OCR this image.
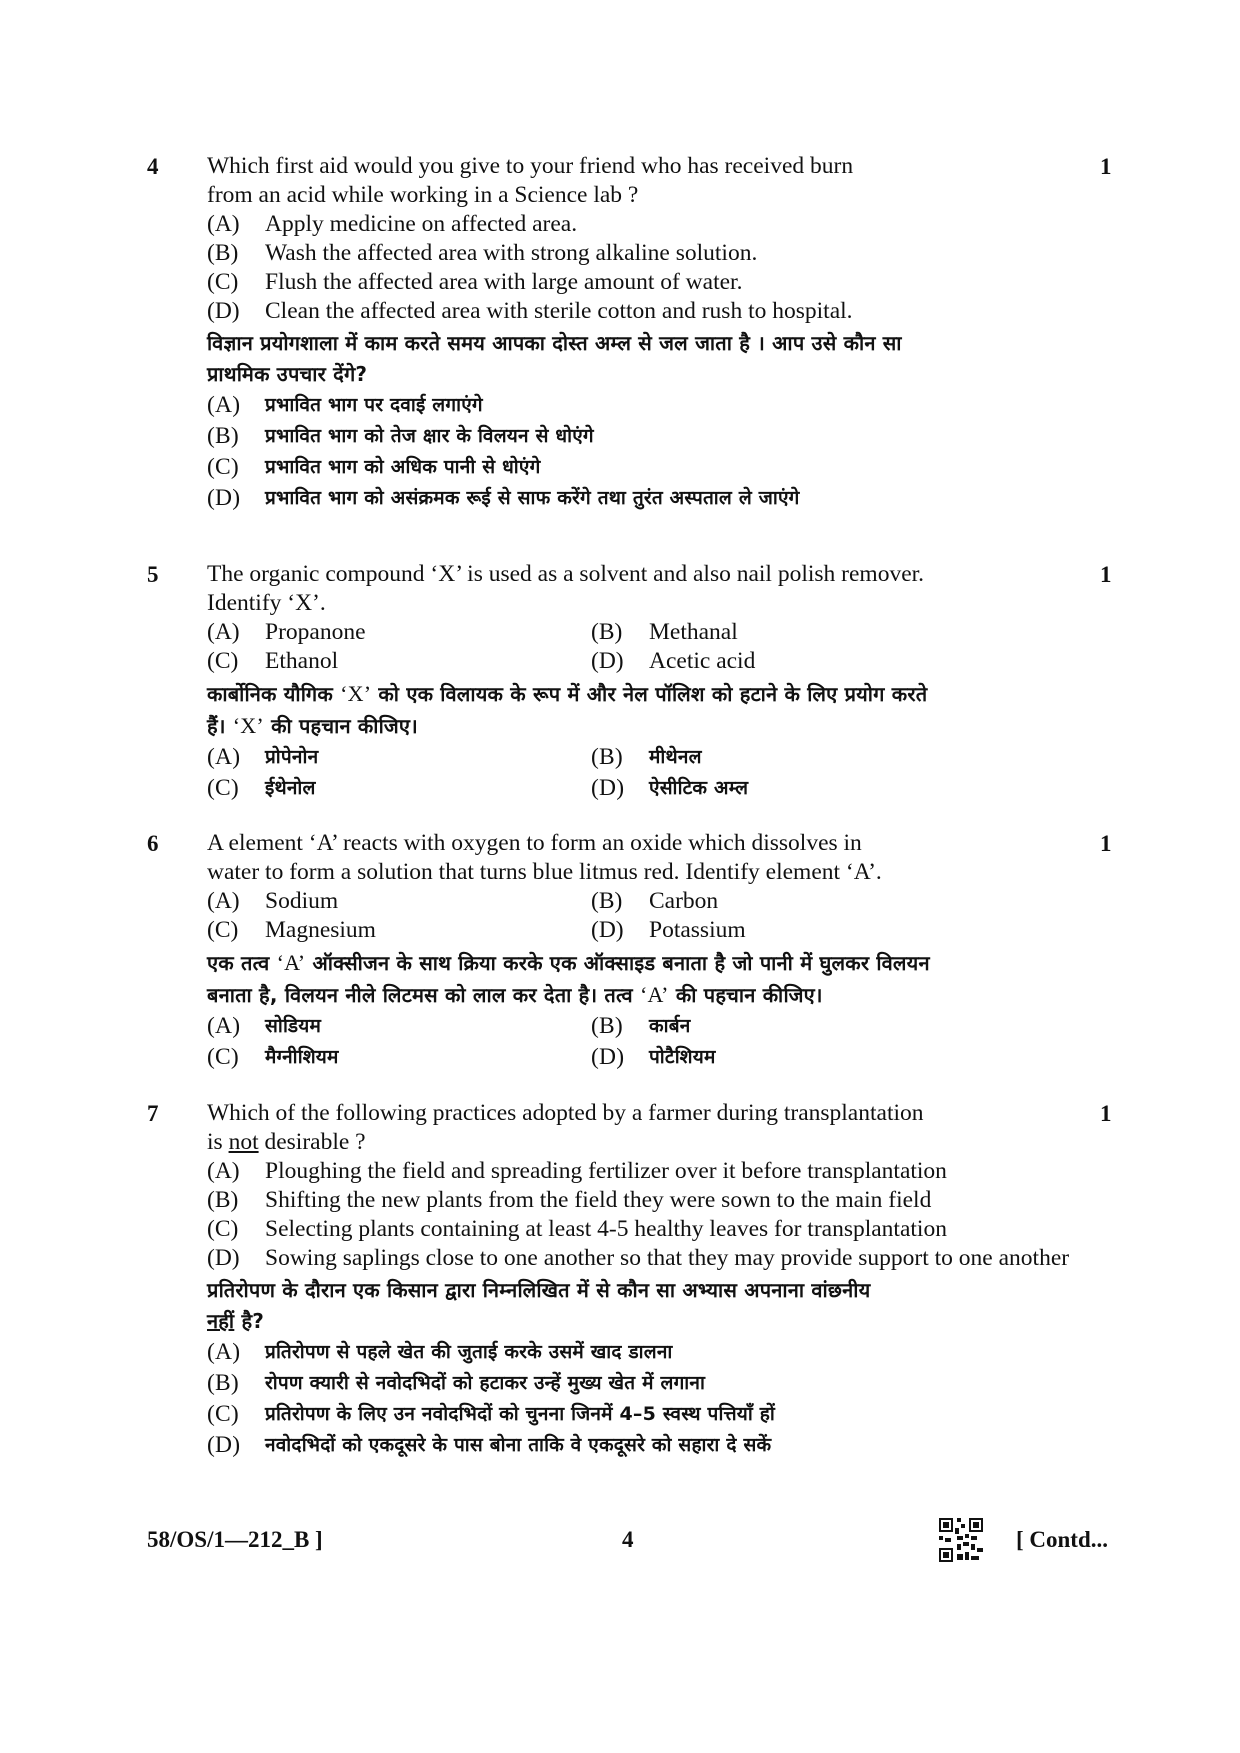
4	1
Which first aid would you give to your friend who has received burn
from an acid while working in a Science lab ?
(A)	Apply medicine on affected area.
(B)	Wash the affected area with strong alkaline solution.
(C)	Flush the affected area with large amount of water.
(D)	Clean the affected area with sterile cotton and rush to hospital.
विज्ञान प्रयोगशाला में काम करते समय आपका दोस्त अम्ल से जल जाता है । आप उसे कौन सा
प्राथमिक उपचार देंगे?
(A)	प्रभावित भाग पर दवाई लगाएंगे
(B)	प्रभावित भाग को तेज क्षार के विलयन से धोएंगे
(C)	प्रभावित भाग को अधिक पानी से धोएंगे
(D)	प्रभावित भाग को असंक्रमक रूई से साफ करेंगे तथा तुरंत अस्पताल ले जाएंगे
5	1
The organic compound ‘X’ is used as a solvent and also nail polish remover.
Identify ‘X’.
(A)	Propanone	(B)	Methanal
(C)	Ethanol	(D)	Acetic acid
कार्बोनिक यौगिक ‘X’ को एक विलायक के रूप में और नेल पॉलिश को हटाने के लिए प्रयोग करते
हैं। ‘X’ की पहचान कीजिए।
(A)	प्रोपेनोन	(B)	मीथेनल
(C)	ईथेनोल	(D)	ऐसीटिक अम्ल
6	1
A element ‘A’ reacts with oxygen to form an oxide which dissolves in
water to form a solution that turns blue litmus red. Identify element ‘A’.
(A)	Sodium	(B)	Carbon
(C)	Magnesium	(D)	Potassium
एक तत्व ‘A’ ऑक्सीजन के साथ क्रिया करके एक ऑक्साइड बनाता है जो पानी में घुलकर विलयन
बनाता है, विलयन नीले लिटमस को लाल कर देता है। तत्व ‘A’ की पहचान कीजिए।
(A)	सोडियम	(B)	कार्बन
(C)	मैग्नीशियम	(D)	पोटैशियम
7	1
Which of the following practices adopted by a farmer during transplantation
is not desirable ?
(A)	Ploughing the field and spreading fertilizer over it before transplantation
(B)	Shifting the new plants from the field they were sown to the main field
(C)	Selecting plants containing at least 4-5 healthy leaves for transplantation
(D)	Sowing saplings close to one another so that they may provide support to one another
प्रतिरोपण के दौरान एक किसान द्वारा निम्नलिखित में से कौन सा अभ्यास अपनाना वांछनीय
नहीं है?
(A)	प्रतिरोपण से पहले खेत की जुताई करके उसमें खाद डालना
(B)	रोपण क्यारी से नवोदभिदों को हटाकर उन्हें मुख्य खेत में लगाना
(C)	प्रतिरोपण के लिए उन नवोदभिदों को चुनना जिनमें 4–5 स्वस्थ पत्तियाँ हों
(D)	नवोदभिदों को एकदूसरे के पास बोना ताकि वे एकदूसरे को सहारा दे सकें
58/OS/1—212_B ]	4	[ Contd...
